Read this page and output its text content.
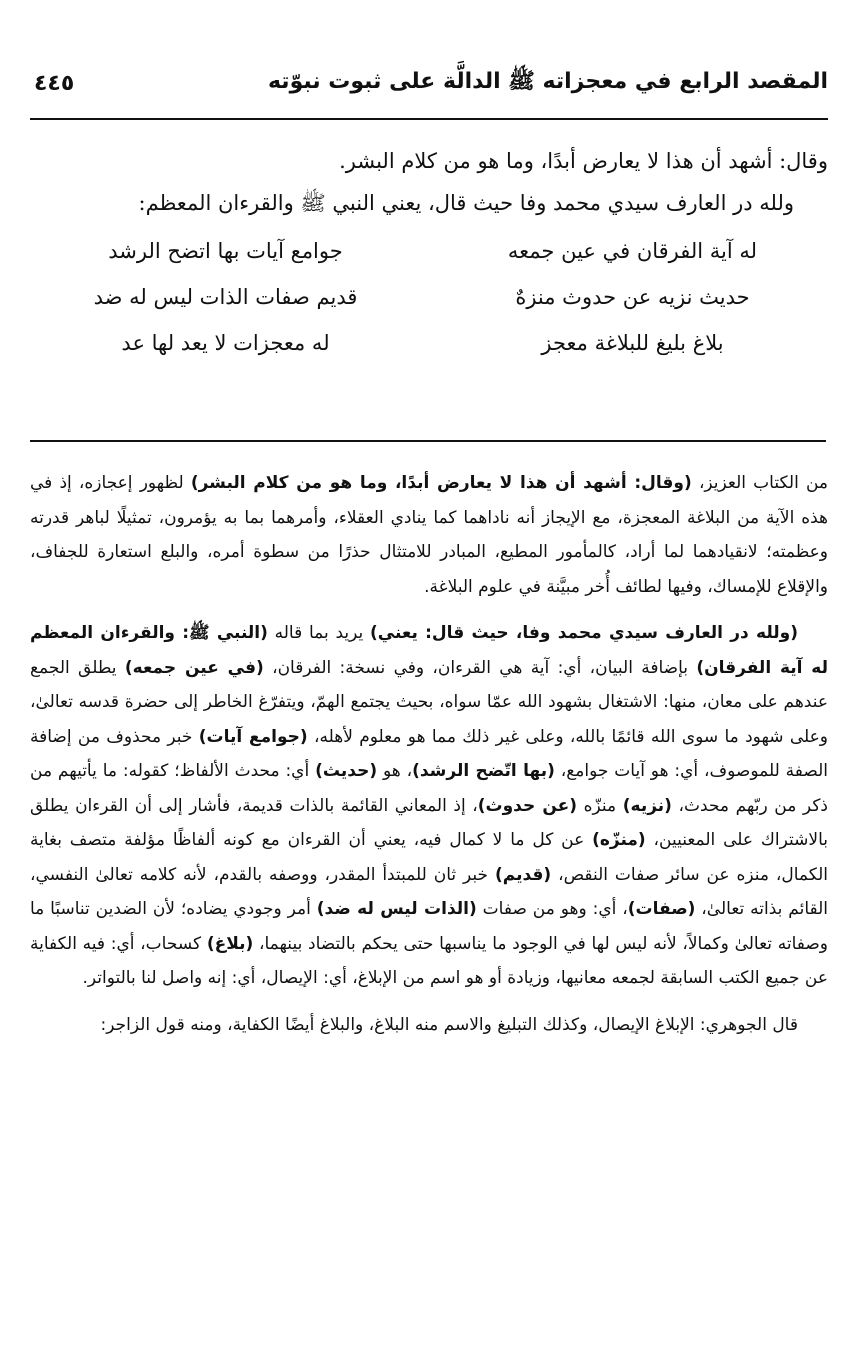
المقصد الرابع في معجزاته ﷺ الدالَّة على ثبوت نبوّته
٤٤٥

وقال: أشهد أن هذا لا يعارض أبدًا، وما هو من كلام البشر.

ولله در العارف سيدي محمد وفا حيث قال، يعني النبي ﷺ والقرءان المعظم:

له آية الفرقان في عين جمعه
جوامع آيات بها اتضح الرشد
حديث نزيه عن حدوث منزهٌ
قديم صفات الذات ليس له ضد
بلاغ بليغ للبلاغة معجز
له معجزات لا يعد لها عد

من الكتاب العزيز، (وقال: أشهد أن هذا لا يعارض أبدًا، وما هو من كلام البشر) لظهور إعجازه، إذ في هذه الآية من البلاغة المعجزة، مع الإيجاز أنه ناداهما كما ينادي العقلاء، وأمرهما بما به يؤمرون، تمثيلًا لباهر قدرته وعظمته؛ لانقيادهما لما أراد، كالمأمور المطيع، المبادر للامتثال حذرًا من سطوة أمره، والبلع استعارة للجفاف، والإقلاع للإمساك، وفيها لطائف أُخر مبيَّنة في علوم البلاغة.

(ولله در العارف سيدي محمد وفا، حيث قال: يعني) يريد بما قاله (النبي ﷺ: والقرءان المعظم له آية الفرقان) بإضافة البيان، أي: آية هي القرءان، وفي نسخة: الفرقان، (في عين جمعه) يطلق الجمع عندهم على معان، منها: الاشتغال بشهود الله عمّا سواه، بحيث يجتمع الهمّ، ويتفرّغ الخاطر إلى حضرة قدسه تعالىٰ، وعلى شهود ما سوى الله قائمًا بالله، وعلى غير ذلك مما هو معلوم لأهله، (جوامع آيات) خبر محذوف من إضافة الصفة للموصوف، أي: هو آيات جوامع، (بها اتّضح الرشد)، هو (حديث) أي: محدث الألفاظ؛ كقوله: ما يأتيهم من ذكر من ربّهم محدث، (نزيه) منزّه (عن حدوث)، إذ المعاني القائمة بالذات قديمة، فأشار إلى أن القرءان يطلق بالاشتراك على المعنيين، (منزّه) عن كل ما لا كمال فيه، يعني أن القرءان مع كونه ألفاظًا مؤلفة متصف بغاية الكمال، منزه عن سائر صفات النقص، (قديم) خبر ثان للمبتدأ المقدر، ووصفه بالقدم، لأنه كلامه تعالىٰ النفسي، القائم بذاته تعالىٰ، (صفات)، أي: وهو من صفات (الذات ليس له ضد) أمر وجودي يضاده؛ لأن الضدين تناسبًا ما وصفاته تعالىٰ وكمالاً، لأنه ليس لها في الوجود ما يناسبها حتى يحكم بالتضاد بينهما، (بلاغ) كسحاب، أي: فيه الكفاية عن جميع الكتب السابقة لجمعه معانيها، وزيادة أو هو اسم من الإبلاغ، أي: الإيصال، أي: إنه واصل لنا بالتواتر.

قال الجوهري: الإبلاغ الإيصال، وكذلك التبليغ والاسم منه البلاغ، والبلاغ أيضًا الكفاية، ومنه قول الزاجر:
